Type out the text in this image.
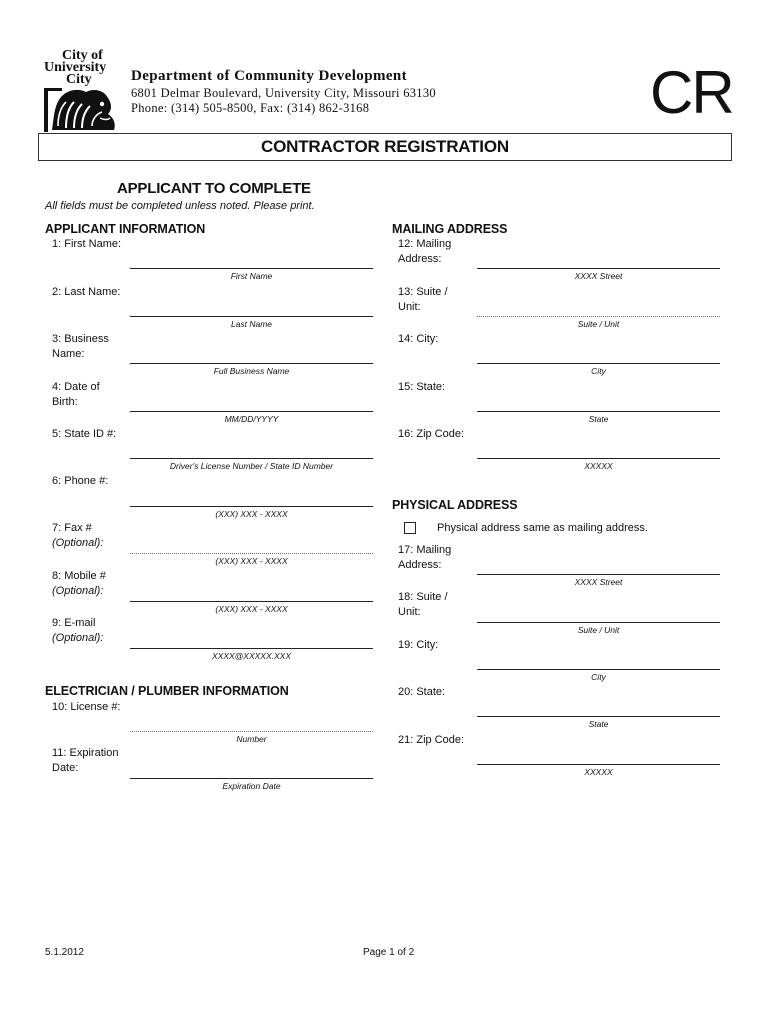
City of
University
City	Department of Community Development
6801 Delmar Boulevard, University City, Missouri 63130
Phone: (314) 505-8500, Fax: (314) 862-3168	CR
CONTRACTOR REGISTRATION
APPLICANT TO COMPLETE
All fields must be completed unless noted. Please print.
APPLICANT INFORMATION	MAILING ADDRESS
PHYSICAL ADDRESS
ELECTRICIAN / PLUMBER INFORMATION
Physical address same as mailing address.
1: First Name:
First Name
2: Last Name:
Last Name
3: Business Name:
Full Business Name
4: Date of Birth:
MM/DD/YYYY
5: State ID #:
Driver's License Number / State ID Number
6: Phone #:
(XXX) XXX - XXXX
7: Fax #
(Optional):
(XXX) XXX - XXXX
8: Mobile #
(Optional):
(XXX) XXX - XXXX
9: E-mail
(Optional):
XXXX@XXXXX.XXX
10: License #:
Number
11: Expiration Date:
Expiration Date
12: Mailing Address:
XXXX Street
13: Suite / Unit:
Suite / Unit
14: City:
City
15: State:
State
16: Zip Code:
XXXXX
17: Mailing Address:
XXXX Street
18: Suite / Unit:
Suite / Unit
19: City:
City
20: State:
State
21: Zip Code:
XXXXX
5.1.2012	Page 1 of 2
